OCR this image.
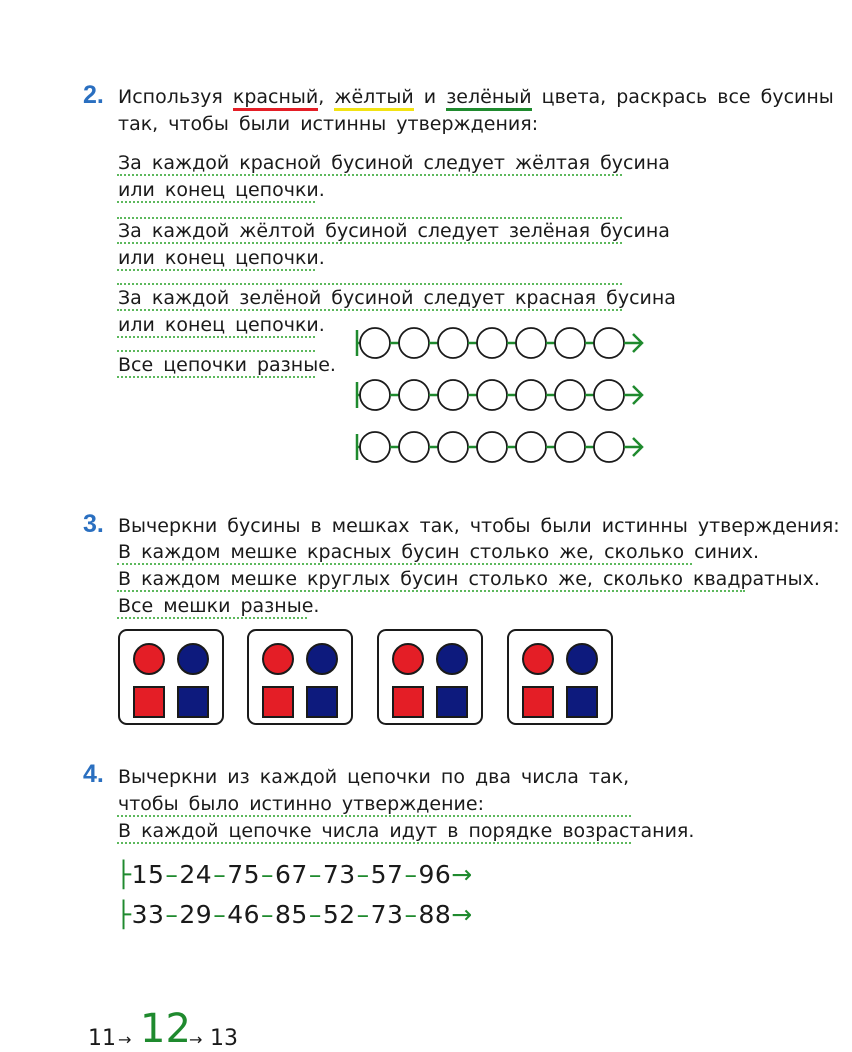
2. Используя красный, жёлтый и зелёный цвета, раскрась все бусины
так, чтобы были истинны утверждения:
За каждой красной бусиной следует жёлтая бусина
или конец цепочки.
За каждой жёлтой бусиной следует зелёная бусина
или конец цепочки.
За каждой зелёной бусиной следует красная бусина
или конец цепочки.
Все цепочки разные.
3. Вычеркни бусины в мешках так, чтобы были истинны утверждения:
В каждом мешке красных бусин столько же, сколько синих.
В каждом мешке круглых бусин столько же, сколько квадратных.
Все мешки разные.
4. Вычеркни из каждой цепочки по два числа так,
чтобы было истинно утверждение:
В каждой цепочке числа идут в порядке возрастания.
├15–24–75–67–73–57–96→
├33–29–46–85–52–73–88→
11 → 12
→ 13
